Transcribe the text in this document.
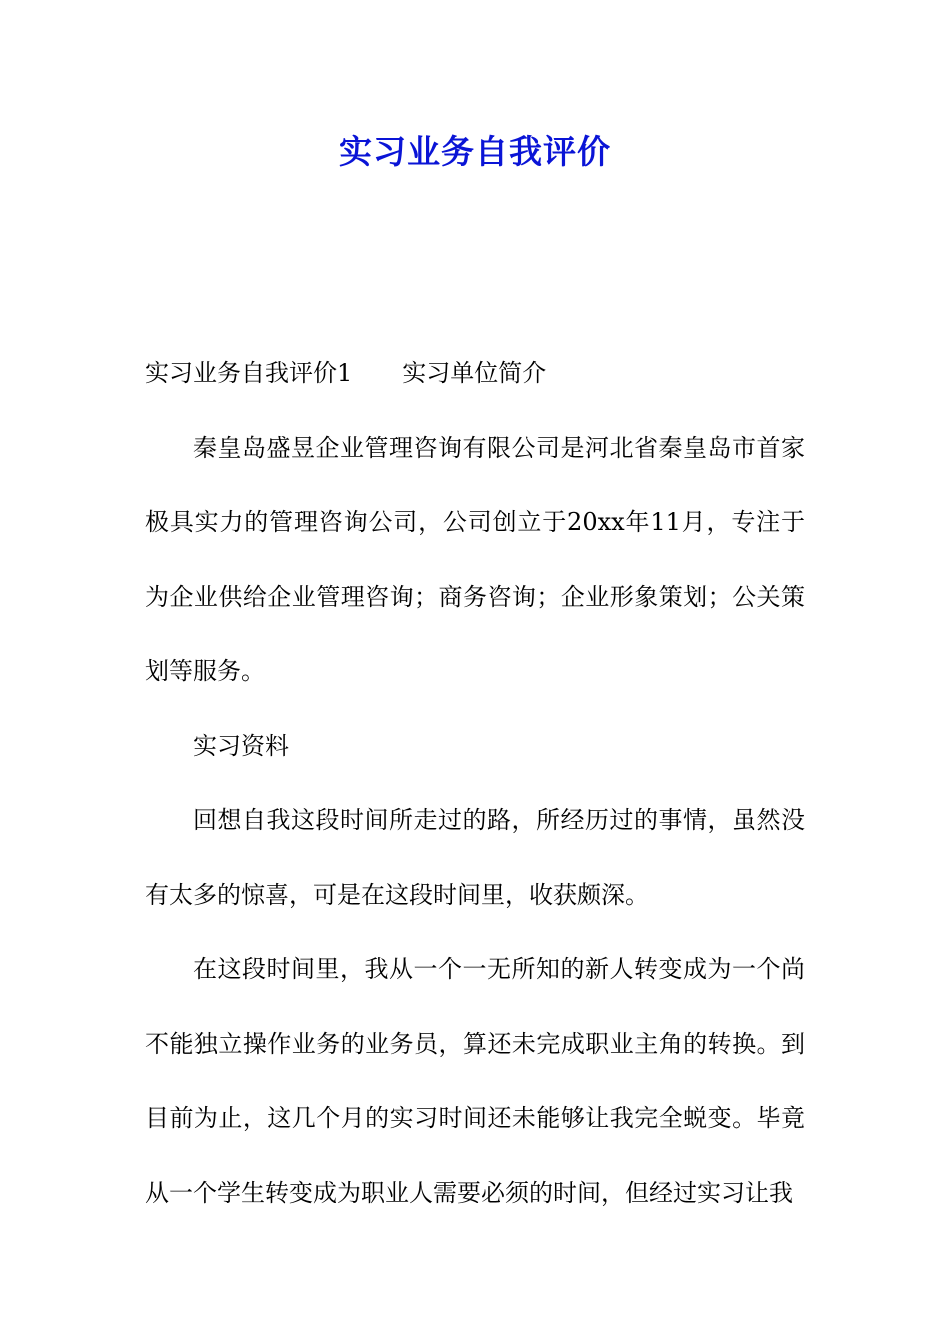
实习业务自我评价

实习业务自我评价1 实习单位简介

秦皇岛盛昱企业管理咨询有限公司是河北省秦皇岛市首家极具实力的管理咨询公司，公司创立于20xx年11月，专注于为企业供给企业管理咨询；商务咨询；企业形象策划；公关策划等服务。

实习资料

回想自我这段时间所走过的路，所经历过的事情，虽然没有太多的惊喜，可是在这段时间里，收获颇深。

在这段时间里，我从一个一无所知的新人转变成为一个尚不能独立操作业务的业务员，算还未完成职业主角的转换。到目前为止，这几个月的实习时间还未能够让我完全蜕变。毕竟从一个学生转变成为职业人需要必须的时间，但经过实习让我
